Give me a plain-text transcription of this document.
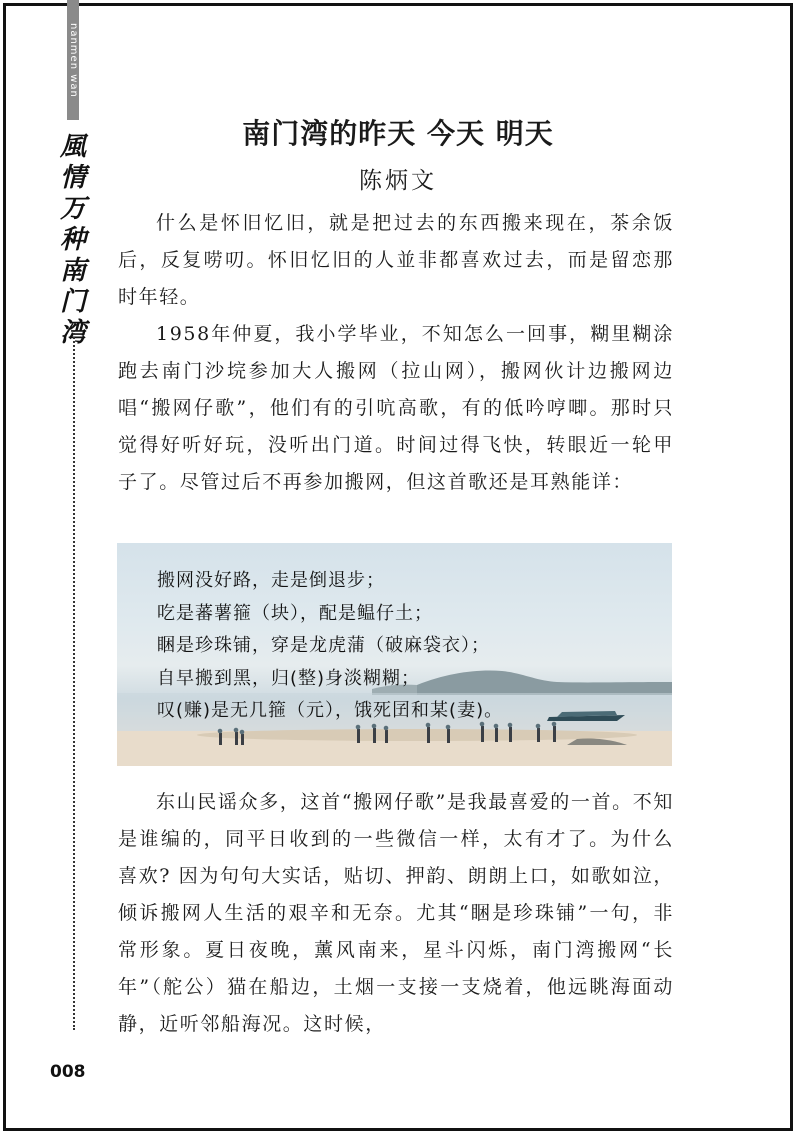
nanmen wan
風
情
万
种
南
门
湾
南门湾的昨天 今天 明天
陈炳文

什么是怀旧忆旧，就是把过去的东西搬来现在，茶余饭后，反复唠叨。怀旧忆旧的人並非都喜欢过去，而是留恋那时年轻。

1958年仲夏，我小学毕业，不知怎么一回事，糊里糊涂跑去南门沙垸参加大人搬网（拉山网），搬网伙计边搬网边唱“搬网仔歌”，他们有的引吭高歌，有的低吟哼唧。那时只觉得好听好玩，没听出门道。时间过得飞快，转眼近一轮甲子了。尽管过后不再参加搬网，但这首歌还是耳熟能详：

搬网没好路，走是倒退步；
吃是蕃薯箍（块），配是鳁仔土；
睏是珍珠铺，穿是龙虎蒲（破麻袋衣）；
自早搬到黑，归(整)身淡糊糊；
叹(赚)是无几箍（元），饿死囝和某(妻)。

东山民谣众多，这首“搬网仔歌”是我最喜爱的一首。不知是谁编的，同平日收到的一些微信一样，太有才了。为什么喜欢? 因为句句大实话，贴切、押韵、朗朗上口，如歌如泣，倾诉搬网人生活的艰辛和无奈。尤其“睏是珍珠铺”一句，非常形象。夏日夜晚，薰风南来，星斗闪烁，南门湾搬网“长年”（舵公）猫在船边，土烟一支接一支烧着，他远眺海面动静，近听邻船海况。这时候，

008
